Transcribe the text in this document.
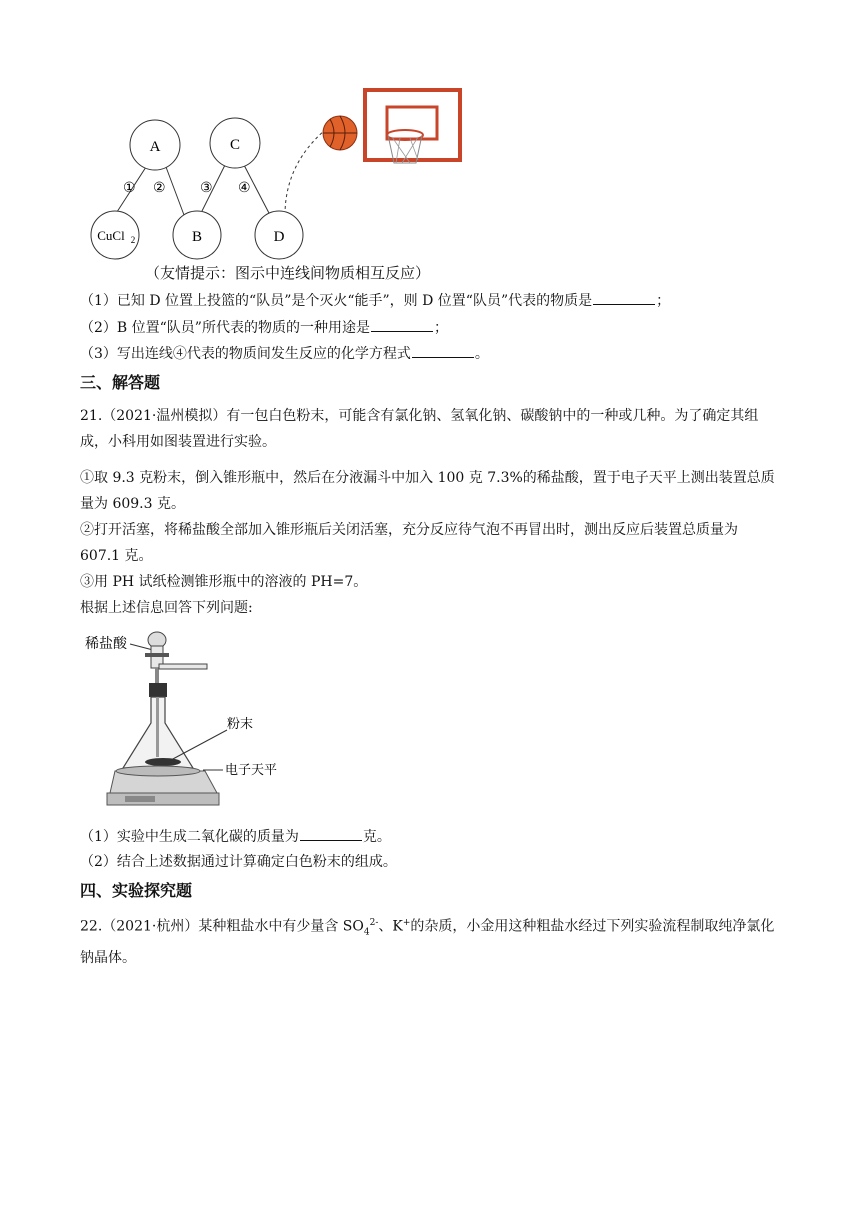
A	C
CuCl 2	B	D
① ② ③ ④
（友情提示：图示中连线间物质相互反应）
（1）已知 D 位置上投篮的“队员”是个灭火“能手”，则 D 位置“队员”代表的物质是	；
（2）B 位置“队员”所代表的物质的一种用途是	；
（3）写出连线④代表的物质间发生反应的化学方程式	。
三、解答题
21.（2021·温州模拟）有一包白色粉末，可能含有氯化钠、氢氧化钠、碳酸钠中的一种或几种。为了确定其组成，小科用如图装置进行实验。
①取 9.3 克粉末，倒入锥形瓶中，然后在分液漏斗中加入 100 克 7.3%的稀盐酸，置于电子天平上测出装置总质量为 609.3 克。
②打开活塞，将稀盐酸全部加入锥形瓶后关闭活塞，充分反应待气泡不再冒出时，测出反应后装置总质量为 607.1 克。
③用 PH 试纸检测锥形瓶中的溶液的 PH=7。
根据上述信息回答下列问题:
稀盐酸
粉末
电子天平
（1）实验中生成二氧化碳的质量为	克。
（2）结合上述数据通过计算确定白色粉末的组成。
四、实验探究题
22.（2021·杭州）某种粗盐水中有少量含 $SO_4^{2-}$、K+的杂质，小金用这种粗盐水经过下列实验流程制取纯净氯化钠晶体。
